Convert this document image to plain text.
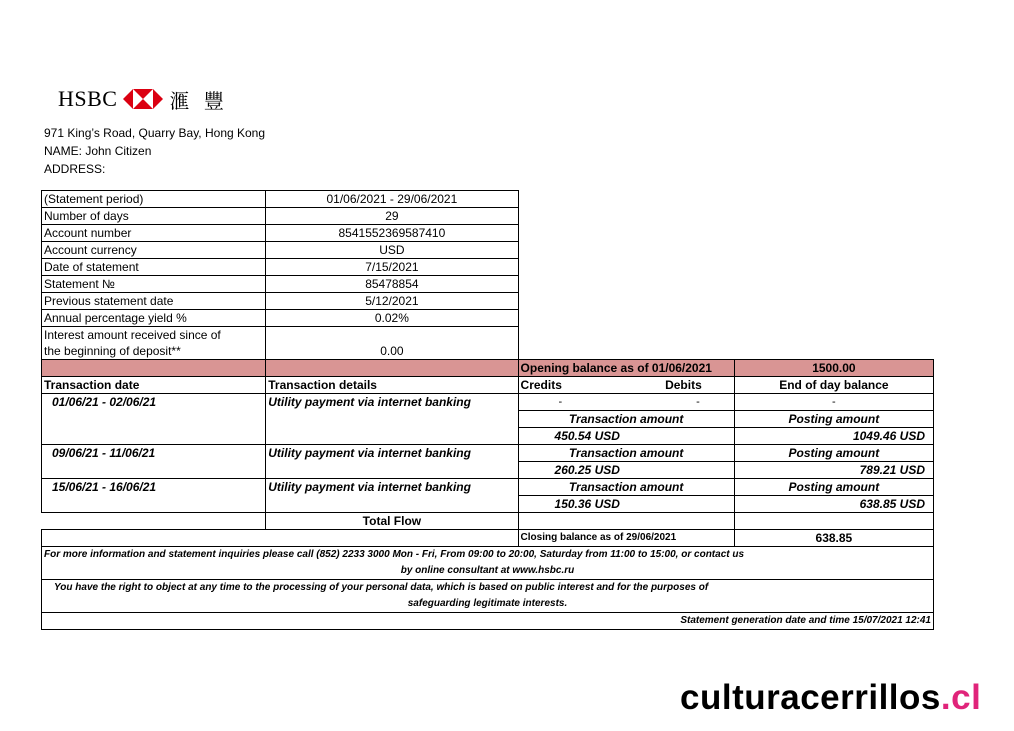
HSBC	滙 豐
971 King’s Road, Quarry Bay, Hong Kong
NAME: John Citizen
ADDRESS:
(Statement period)	01/06/2021 - 29/06/2021		
Number of days	29		
Account number	8541552369587410		
Account currency	USD		
Date of statement	7/15/2021		
Statement №	85478854		
Previous statement date	5/12/2021		
Annual percentage yield %	0.02%		
Interest amount received since of			
the beginning of deposit**	0.00		
		Opening balance as of 01/06/2021	1500.00
Transaction date	Transaction details	Credits Debits	End of day balance
01/06/21 - 02/06/21	Utility payment via internet banking	- -	-
		Transaction amount	Posting amount
		450.54 USD	1049.46 USD
09/06/21 - 11/06/21	Utility payment via internet banking	Transaction amount	Posting amount
		260.25 USD	789.21 USD
15/06/21 - 16/06/21	Utility payment via internet banking	Transaction amount	Posting amount
		150.36 USD	638.85 USD
	Total Flow		
		Closing balance as of 29/06/2021	638.85
For more information and statement inquiries please call (852) 2233 3000 Mon - Fri, From 09:00 to 20:00, Saturday from 11:00 to 15:00, or contact us			
by online consultant at www.hsbc.ru			
You have the right to object at any time to the processing of your personal data, which is based on public interest and for the purposes of			
safeguarding legitimate interests.			
Statement generation date and time 15/07/2021 12:41			
culturacerrillos.cl
